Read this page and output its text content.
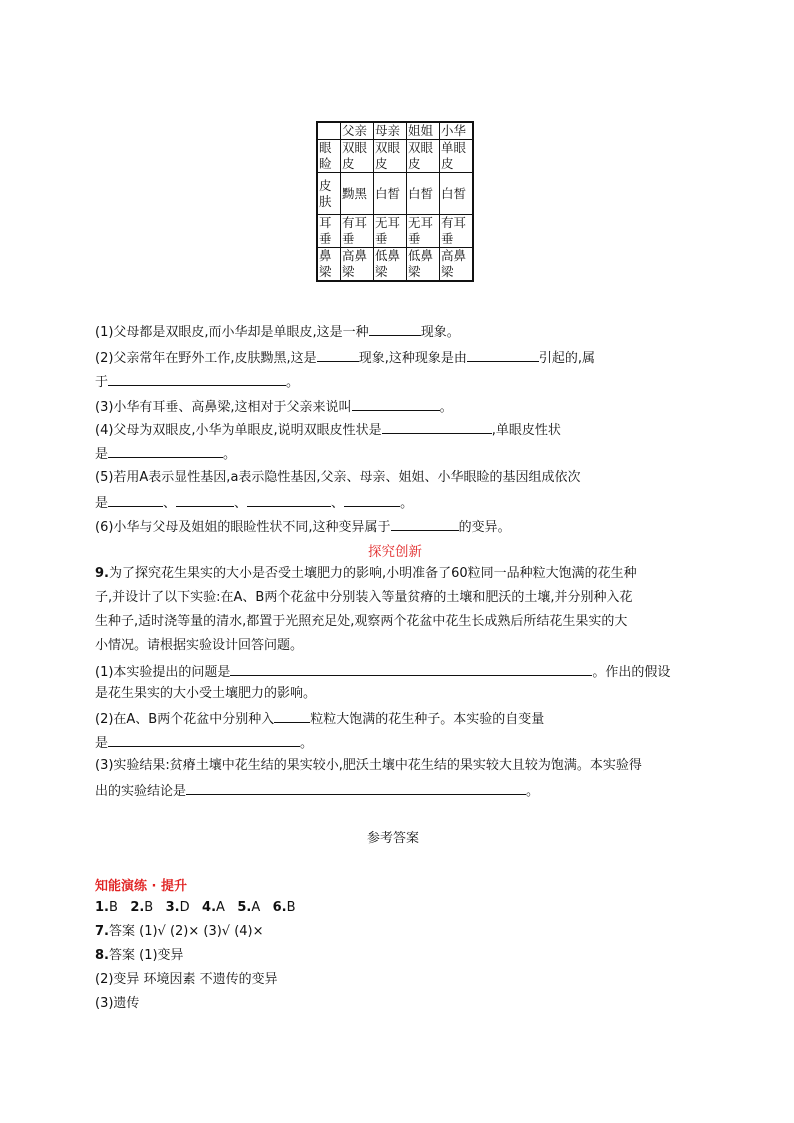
	父亲	母亲	姐姐	小华
眼睑	双眼皮	双眼皮	双眼皮	单眼皮
皮肤	黝黑	白皙	白皙	白皙
耳垂	有耳垂	无耳垂	无耳垂	有耳垂
鼻梁	高鼻梁	低鼻梁	低鼻梁	高鼻梁
(1)父母都是双眼皮,而小华却是单眼皮,这是一种	现象。
(2)父亲常年在野外工作,皮肤黝黑,这是	现象,这种现象是由	引起的,属
于	。
(3)小华有耳垂、高鼻梁,这相对于父亲来说叫	。
(4)父母为双眼皮,小华为单眼皮,说明双眼皮性状是	,单眼皮性状
是	。
(5)若用A表示显性基因,a表示隐性基因,父亲、母亲、姐姐、小华眼睑的基因组成依次
是	、	、	、	。
(6)小华与父母及姐姐的眼睑性状不同,这种变异属于	的变异。
探究创新
9.为了探究花生果实的大小是否受土壤肥力的影响,小明准备了60粒同一品种粒大饱满的花生种
子,并设计了以下实验:在A、B两个花盆中分别装入等量贫瘠的土壤和肥沃的土壤,并分别种入花
生种子,适时浇等量的清水,都置于光照充足处,观察两个花盆中花生长成熟后所结花生果实的大
小情况。请根据实验设计回答问题。
(1)本实验提出的问题是	。作出的假设
是花生果实的大小受土壤肥力的影响。
(2)在A、B两个花盆中分别种入	粒粒大饱满的花生种子。本实验的自变量
是	。
(3)实验结果:贫瘠土壤中花生结的果实较小,肥沃土壤中花生结的果实较大且较为饱满。本实验得
出的实验结论是	。
参考答案
知能演练 · 提升
1.B 2.B 3.D 4.A 5.A 6.B
7.答案 (1)√ (2)× (3)√ (4)×
8.答案 (1)变异
(2)变异 环境因素 不遗传的变异
(3)遗传
